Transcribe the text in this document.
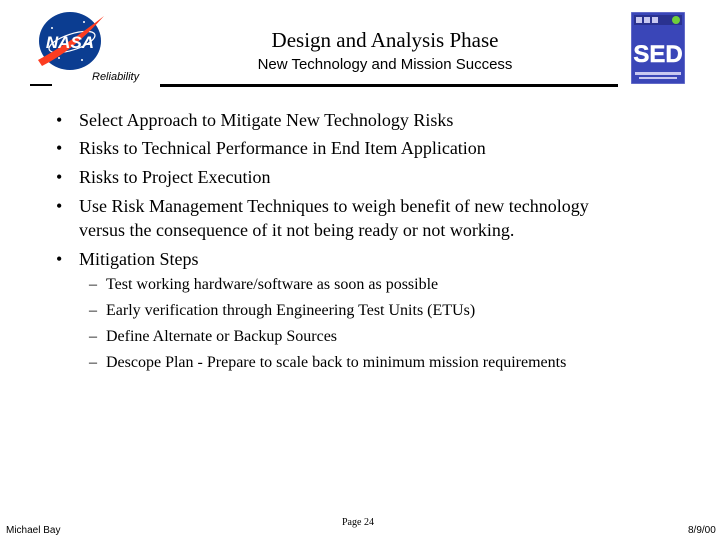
NASA
Reliability
Design and Analysis Phase
New Technology and Mission Success	SED
• Select Approach to Mitigate New Technology Risks
• Risks to Technical Performance in End Item Application
• Risks to Project Execution
• Use Risk Management Techniques to weigh benefit of new technology
versus the consequence of it not being ready or not working.
• Mitigation Steps
– Test working hardware/software as soon as possible
– Early verification through Engineering Test Units (ETUs)
– Define Alternate or Backup Sources
– Descope Plan - Prepare to scale back to minimum mission requirements
Michael Bay
Page 24
8/9/00
